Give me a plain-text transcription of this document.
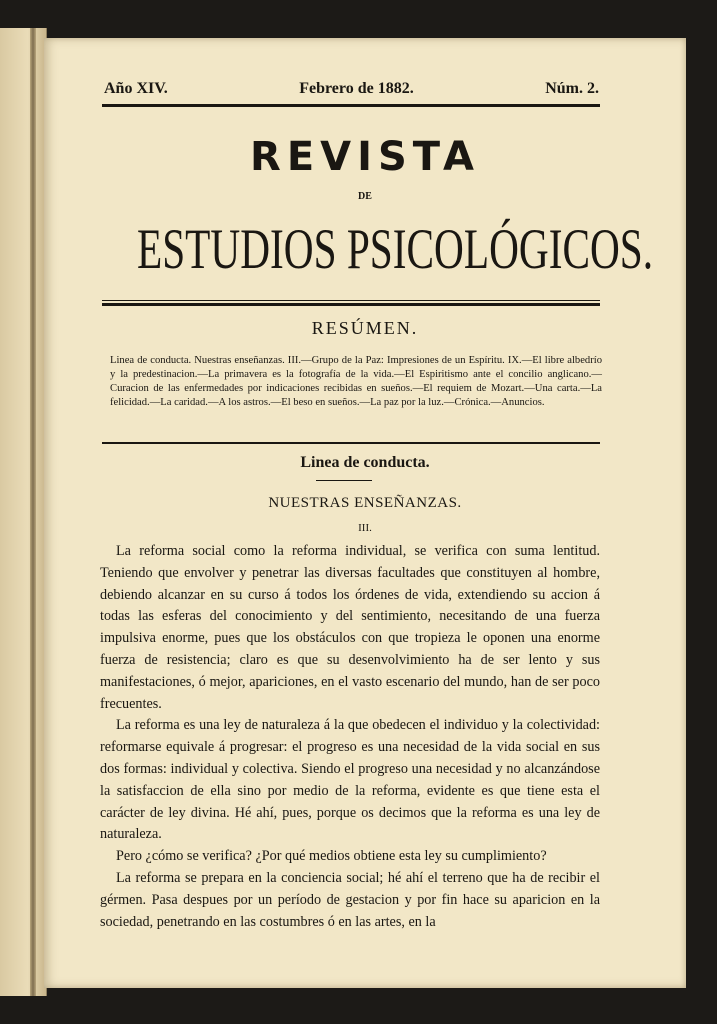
Año XIV.	Febrero de 1882.	Núm. 2.
REVISTA
DE
ESTUDIOS PSICOLÓGICOS.
RESÚMEN.
Linea de conducta. Nuestras enseñanzas. III.—Grupo de la Paz: Impresiones de un Espíritu. IX.—El libre albedrío y la predestinacion.—La primavera es la fotografía de la vida.—El Espiritismo ante el concilio anglicano.—Curacion de las enfermedades por indicaciones recibidas en sueños.—El requiem de Mozart.—Una carta.—La felicidad.—La caridad.—A los astros.—El beso en sueños.—La paz por la luz.—Crónica.—Anuncios.
Linea de conducta.
NUESTRAS ENSEÑANZAS.
III.

La reforma social como la reforma individual, se verifica con suma lentitud. Teniendo que envolver y penetrar las diversas facultades que constituyen al hombre, debiendo alcanzar en su curso á todos los órdenes de vida, extendiendo su accion á todas las esferas del conocimiento y del sentimiento, necesitando de una fuerza impulsiva enorme, pues que los obstáculos con que tropieza le oponen una enorme fuerza de resistencia; claro es que su desenvolvimiento ha de ser lento y sus manifestaciones, ó mejor, apariciones, en el vasto escenario del mundo, han de ser poco frecuentes.

La reforma es una ley de naturaleza á la que obedecen el individuo y la colectividad: reformarse equivale á progresar: el progreso es una necesidad de la vida social en sus dos formas: individual y colectiva. Siendo el progreso una necesidad y no alcanzándose la satisfaccion de ella sino por medio de la reforma, evidente es que tiene esta el carácter de ley divina. Hé ahí, pues, porque os decimos que la reforma es una ley de naturaleza.

Pero ¿cómo se verifica? ¿Por qué medios obtiene esta ley su cumplimiento?

La reforma se prepara en la conciencia social; hé ahí el terreno que ha de recibir el gérmen. Pasa despues por un período de gestacion y por fin hace su aparicion en la sociedad, penetrando en las costumbres ó en las artes, en la
